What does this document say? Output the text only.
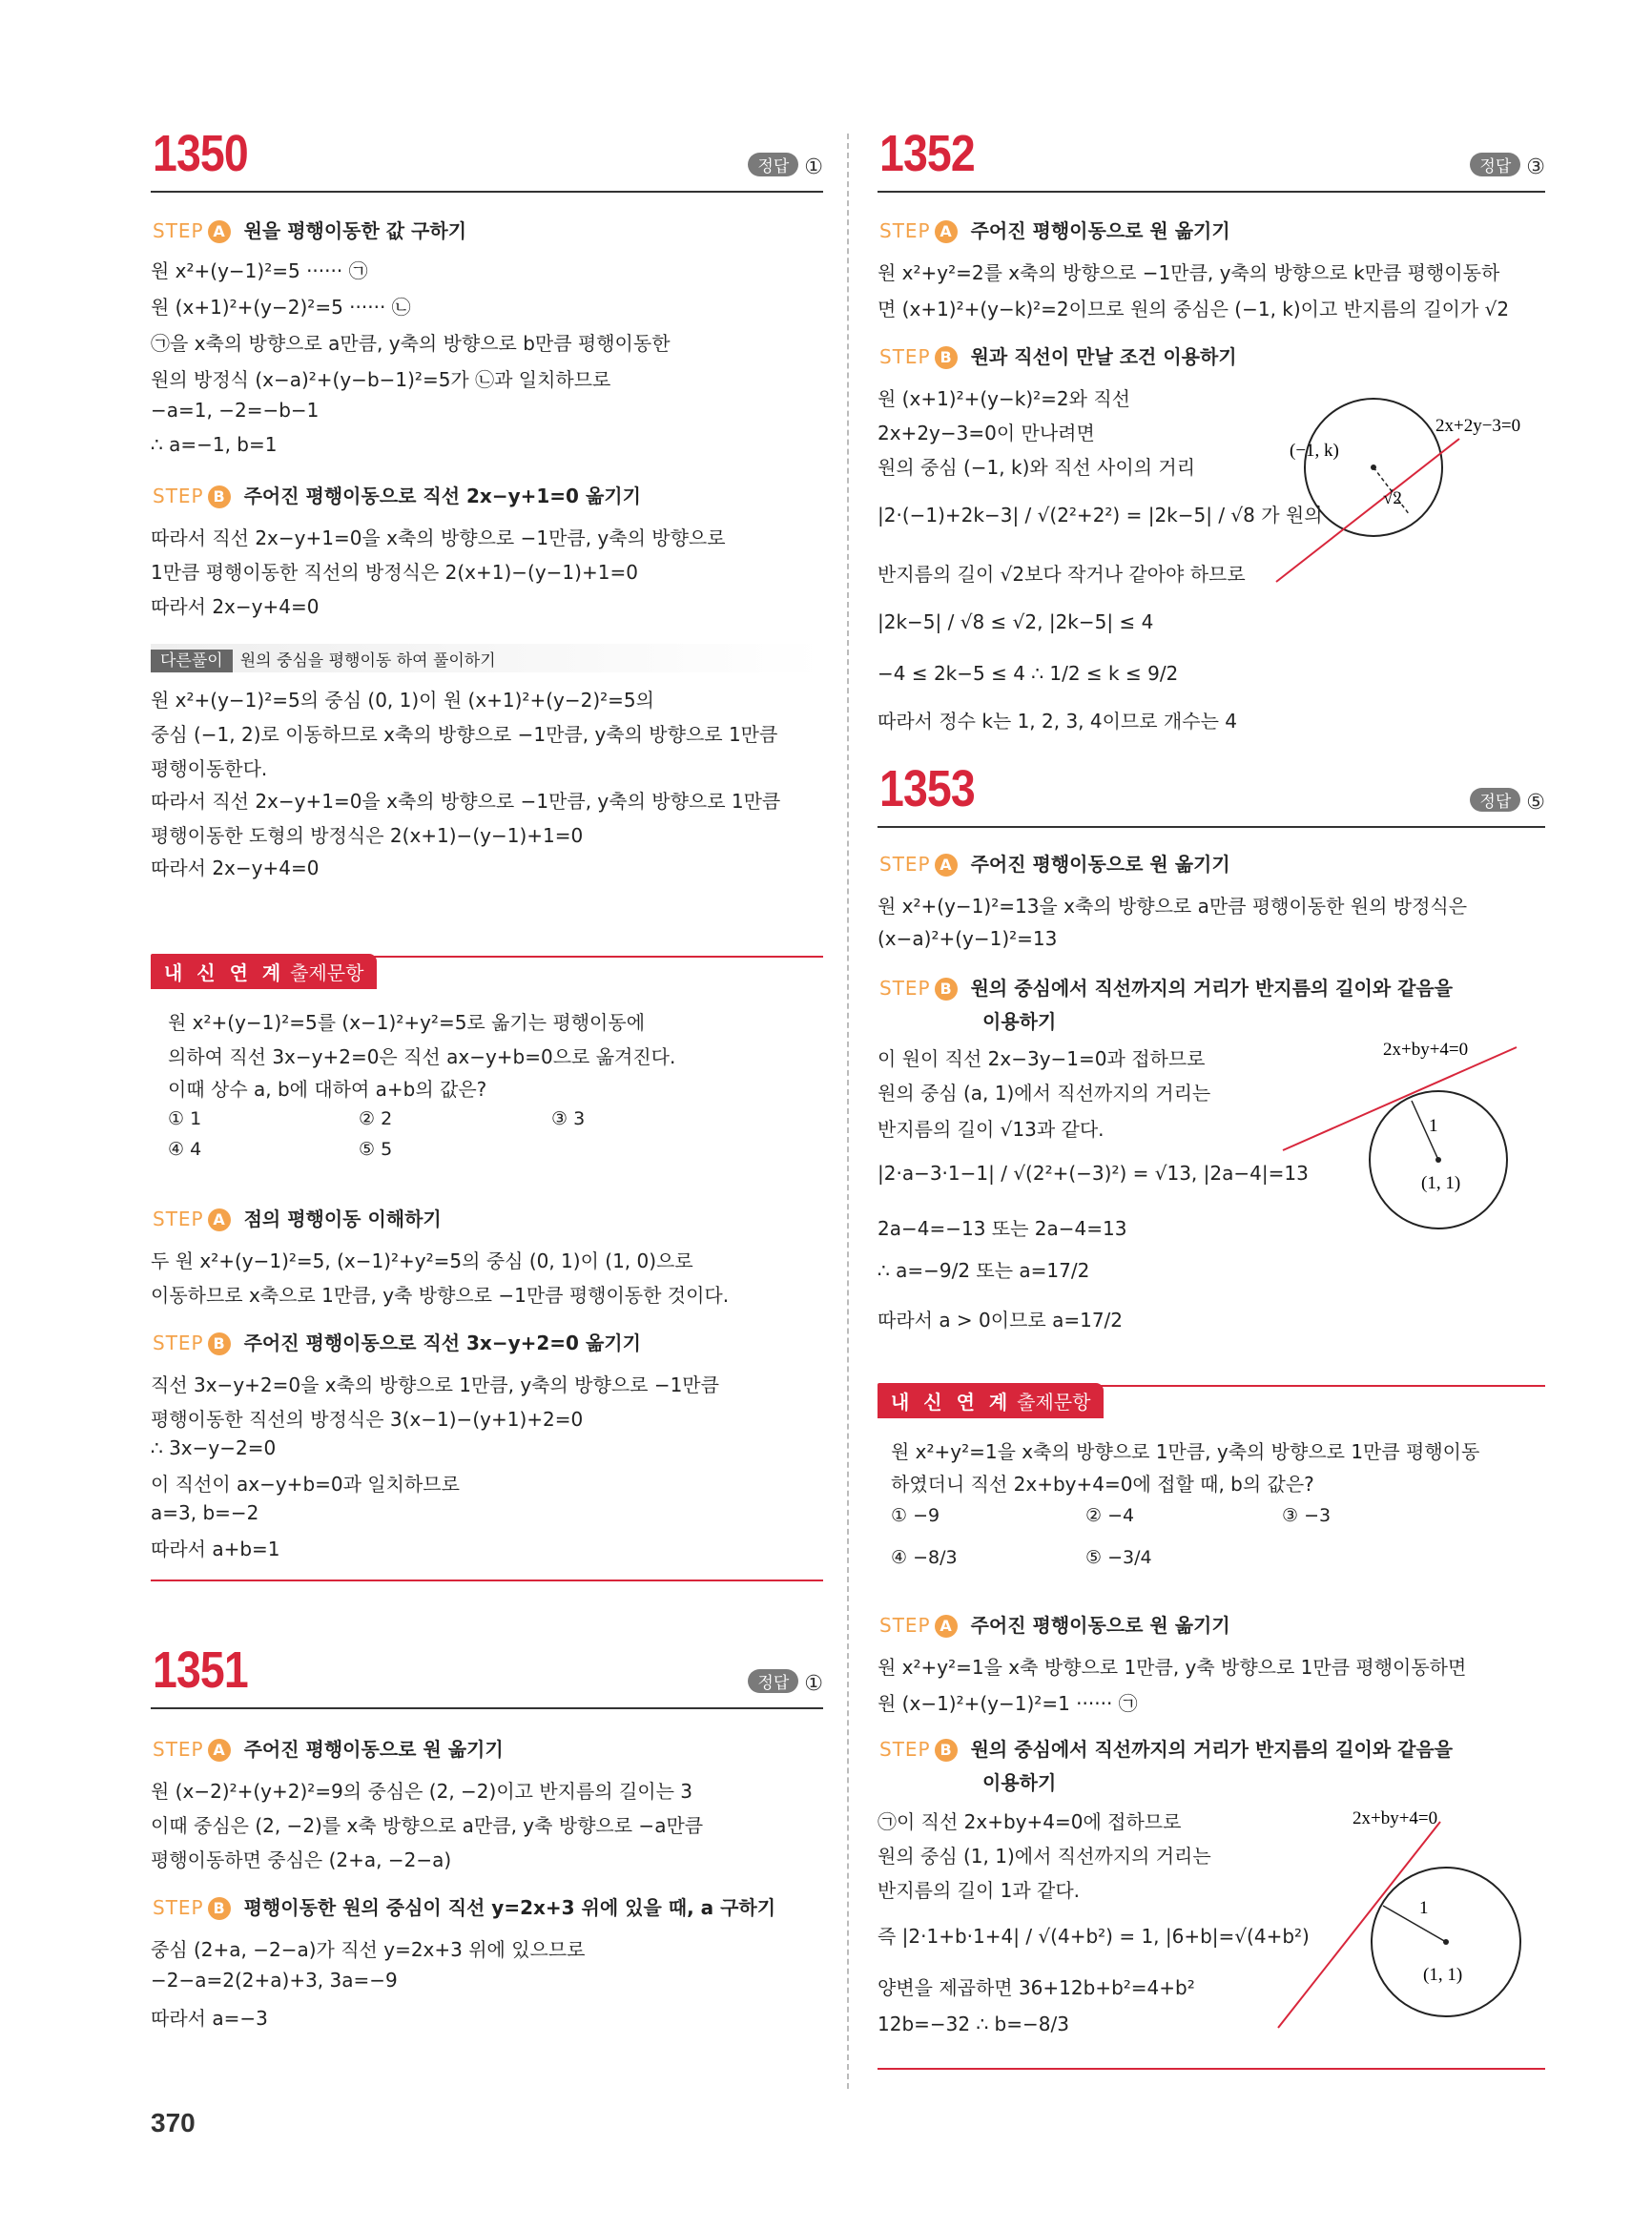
1350	정답 ①
STEP A 원을 평행이동한 값 구하기
원 x²+(y−1)²=5 ······ ㉠
원 (x+1)²+(y−2)²=5 ······ ㉡
㉠을 x축의 방향으로 a만큼, y축의 방향으로 b만큼 평행이동한
원의 방정식 (x−a)²+(y−b−1)²=5가 ㉡과 일치하므로
−a=1, −2=−b−1
∴ a=−1, b=1
STEP B 주어진 평행이동으로 직선 2x−y+1=0 옮기기
따라서 직선 2x−y+1=0을 x축의 방향으로 −1만큼, y축의 방향으로
1만큼 평행이동한 직선의 방정식은 2(x+1)−(y−1)+1=0
따라서 2x−y+4=0
다른풀이 원의 중심을 평행이동 하여 풀이하기
원 x²+(y−1)²=5의 중심 (0, 1)이 원 (x+1)²+(y−2)²=5의
중심 (−1, 2)로 이동하므로 x축의 방향으로 −1만큼, y축의 방향으로 1만큼
평행이동한다.
따라서 직선 2x−y+1=0을 x축의 방향으로 −1만큼, y축의 방향으로 1만큼
평행이동한 도형의 방정식은 2(x+1)−(y−1)+1=0
따라서 2x−y+4=0
내 신 연 계 출제문항
원 x²+(y−1)²=5를 (x−1)²+y²=5로 옮기는 평행이동에
의하여 직선 3x−y+2=0은 직선 ax−y+b=0으로 옮겨진다.
이때 상수 a, b에 대하여 a+b의 값은?
① 1	② 2	③ 3
④ 4	⑤ 5
STEP A 점의 평행이동 이해하기
두 원 x²+(y−1)²=5, (x−1)²+y²=5의 중심 (0, 1)이 (1, 0)으로
이동하므로 x축으로 1만큼, y축 방향으로 −1만큼 평행이동한 것이다.
STEP B 주어진 평행이동으로 직선 3x−y+2=0 옮기기
직선 3x−y+2=0을 x축의 방향으로 1만큼, y축의 방향으로 −1만큼
평행이동한 직선의 방정식은 3(x−1)−(y+1)+2=0
∴ 3x−y−2=0
이 직선이 ax−y+b=0과 일치하므로
a=3, b=−2
따라서 a+b=1
1351	정답 ①
STEP A 주어진 평행이동으로 원 옮기기
원 (x−2)²+(y+2)²=9의 중심은 (2, −2)이고 반지름의 길이는 3
이때 중심은 (2, −2)를 x축 방향으로 a만큼, y축 방향으로 −a만큼
평행이동하면 중심은 (2+a, −2−a)
STEP B 평행이동한 원의 중심이 직선 y=2x+3 위에 있을 때, a 구하기
중심 (2+a, −2−a)가 직선 y=2x+3 위에 있으므로
−2−a=2(2+a)+3, 3a=−9
따라서 a=−3
1352	정답 ③
STEP A 주어진 평행이동으로 원 옮기기
원 x²+y²=2를 x축의 방향으로 −1만큼, y축의 방향으로 k만큼 평행이동하
면 (x+1)²+(y−k)²=2이므로 원의 중심은 (−1, k)이고 반지름의 길이가 √2
STEP B 원과 직선이 만날 조건 이용하기
원 (x+1)²+(y−k)²=2와 직선
2x+2y−3=0이 만나려면
원의 중심 (−1, k)와 직선 사이의 거리
|2·(−1)+2k−3| / √(2²+2²) = |2k−5| / √8 가 원의
반지름의 길이 √2보다 작거나 같아야 하므로
|2k−5| / √8 ≤ √2, |2k−5| ≤ 4
−4 ≤ 2k−5 ≤ 4 ∴ 1/2 ≤ k ≤ 9/2
따라서 정수 k는 1, 2, 3, 4이므로 개수는 4
2x+2y−3=0
(−1, k)
√2
1353	정답 ⑤
STEP A 주어진 평행이동으로 원 옮기기
원 x²+(y−1)²=13을 x축의 방향으로 a만큼 평행이동한 원의 방정식은
(x−a)²+(y−1)²=13
STEP B 원의 중심에서 직선까지의 거리가 반지름의 길이와 같음을
이용하기
이 원이 직선 2x−3y−1=0과 접하므로
원의 중심 (a, 1)에서 직선까지의 거리는
반지름의 길이 √13과 같다.
|2·a−3·1−1| / √(2²+(−3)²) = √13, |2a−4|=13
2a−4=−13 또는 2a−4=13
∴ a=−9/2 또는 a=17/2
따라서 a > 0이므로 a=17/2
2x+by+4=0
(1, 1)
1
내 신 연 계 출제문항
원 x²+y²=1을 x축의 방향으로 1만큼, y축의 방향으로 1만큼 평행이동
하였더니 직선 2x+by+4=0에 접할 때, b의 값은?
① −9	② −4	③ −3
④ −8/3	⑤ −3/4
STEP A 주어진 평행이동으로 원 옮기기
원 x²+y²=1을 x축 방향으로 1만큼, y축 방향으로 1만큼 평행이동하면
원 (x−1)²+(y−1)²=1 ······ ㉠
STEP B 원의 중심에서 직선까지의 거리가 반지름의 길이와 같음을
이용하기
㉠이 직선 2x+by+4=0에 접하므로
원의 중심 (1, 1)에서 직선까지의 거리는
반지름의 길이 1과 같다.
즉 |2·1+b·1+4| / √(4+b²) = 1, |6+b|=√(4+b²)
양변을 제곱하면 36+12b+b²=4+b²
12b=−32 ∴ b=−8/3
2x+by+4=0
(1, 1)
1
370
